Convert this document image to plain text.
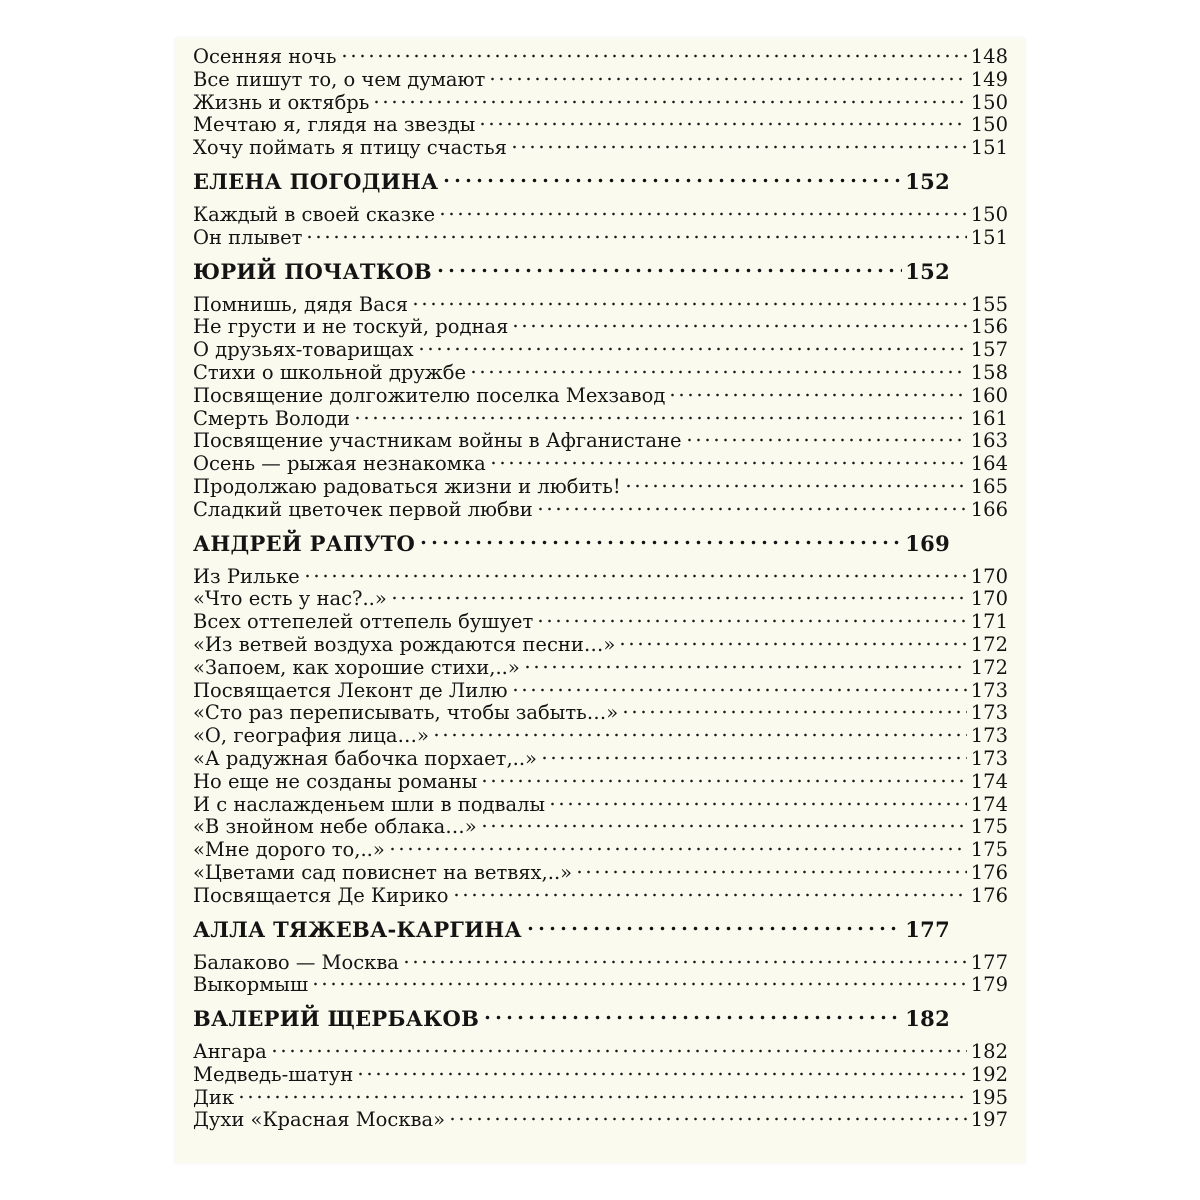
Осенняя ночь	148
Все пишут то, о чем думают	149
Жизнь и октябрь	150
Мечтаю я, глядя на звезды	150
Хочу поймать я птицу счастья	151
ЕЛЕНА ПОГОДИНА	152
Каждый в своей сказке	150
Он плывет	151
ЮРИЙ ПОЧАТКОВ	152
Помнишь, дядя Вася	155
Не грусти и не тоскуй, родная	156
О друзьях-товарищах	157
Стихи о школьной дружбе	158
Посвящение долгожителю поселка Мехзавод	160
Смерть Володи	161
Посвящение участникам войны в Афганистане	163
Осень — рыжая незнакомка	164
Продолжаю радоваться жизни и любить!	165
Сладкий цветочек первой любви	166
АНДРЕЙ РАПУТО	169
Из Рильке	170
«Что есть у нас?..»	170
Всех оттепелей оттепель бушует	171
«Из ветвей воздуха рождаются песни…»	172
«Запоем, как хорошие стихи,..»	172
Посвящается Леконт де Лилю	173
«Сто раз переписывать, чтобы забыть…»	173
«О, география лица…»	173
«А радужная бабочка порхает,..»	173
Но еще не созданы романы	174
И с наслажденьем шли в подвалы	174
«В знойном небе облака…»	175
«Мне дорого то,..»	175
«Цветами сад повиснет на ветвях,..»	176
Посвящается Де Кирико	176
АЛЛА ТЯЖЕВА-КАРГИНА	177
Балаково — Москва	177
Выкормыш	179
ВАЛЕРИЙ ЩЕРБАКОВ	182
Ангара	182
Медведь-шатун	192
Дик	195
Духи «Красная Москва»	197
